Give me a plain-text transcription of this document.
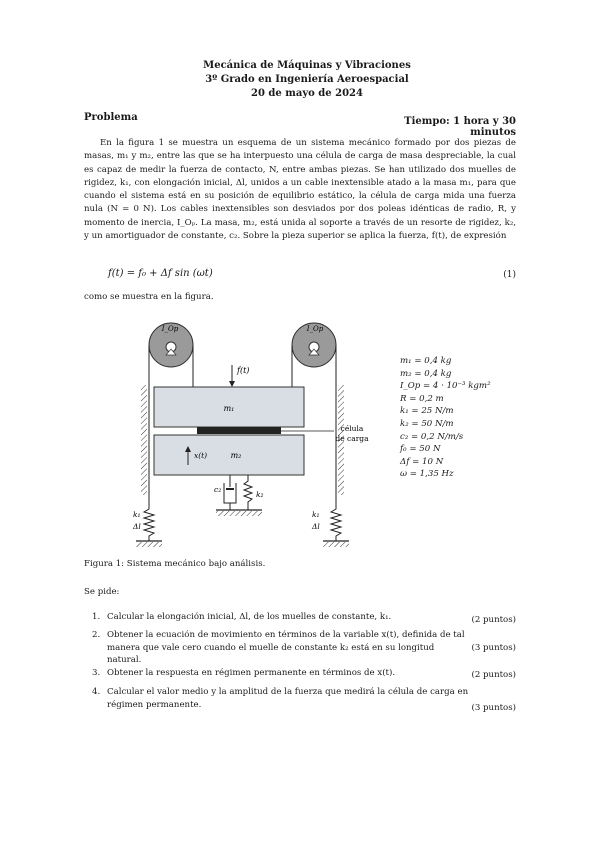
Mecánica de Máquinas y Vibraciones
3º Grado en Ingeniería Aeroespacial
20 de mayo de 2024
Problema	Tiempo: 1 hora y 30 minutos

En la figura 1 se muestra un esquema de un sistema mecánico formado por dos piezas de masas, m₁ y m₂, entre las que se ha interpuesto una célula de carga de masa despreciable, la cual es capaz de medir la fuerza de contacto, N, entre ambas piezas. Se han utilizado dos muelles de rigidez, k₁, con elongación inicial, Δl, unidos a un cable inextensible atado a la masa m₁, para que cuando el sistema está en su posición de equilibrio estático, la célula de carga mida una fuerza nula (N = 0 N). Los cables inextensibles son desviados por dos poleas idénticas de radio, R, y momento de inercia, I_Oₚ. La masa, m₂, está unida al soporte a través de un resorte de rigidez, k₂, y un amortiguador de constante, c₂. Sobre la pieza superior se aplica la fuerza, f(t), de expresión

f(t) = f₀ + Δf sin (ωt)	(1)
como se muestra en la figura.
I_Op	I_Op
m₁
f(t)
célula
de carga
m₂
x(t)
c₂
k₂
k₁
Δl
k₁
Δl
m₁ = 0,4 kg
m₂ = 0,4 kg
I_Op = 4 · 10⁻³ kgm²
R = 0,2 m
k₁ = 25 N/m
k₂ = 50 N/m
c₂ = 0,2 N/m/s
f₀ = 50 N
Δf = 10 N
ω = 1,35 Hz
Figura 1: Sistema mecánico bajo análisis.
Se pide:
1. Calcular la elongación inicial, Δl, de los muelles de constante, k₁.	(2 puntos)
2. Obtener la ecuación de movimiento en términos de la variable x(t), definida de tal manera que vale cero cuando el muelle de constante k₂ está en su longitud natural.
(3 puntos)
3. Obtener la respuesta en régimen permanente en términos de x(t).	(2 puntos)
4. Calcular el valor medio y la amplitud de la fuerza que medirá la célula de carga en régimen permanente.	(3 puntos)
